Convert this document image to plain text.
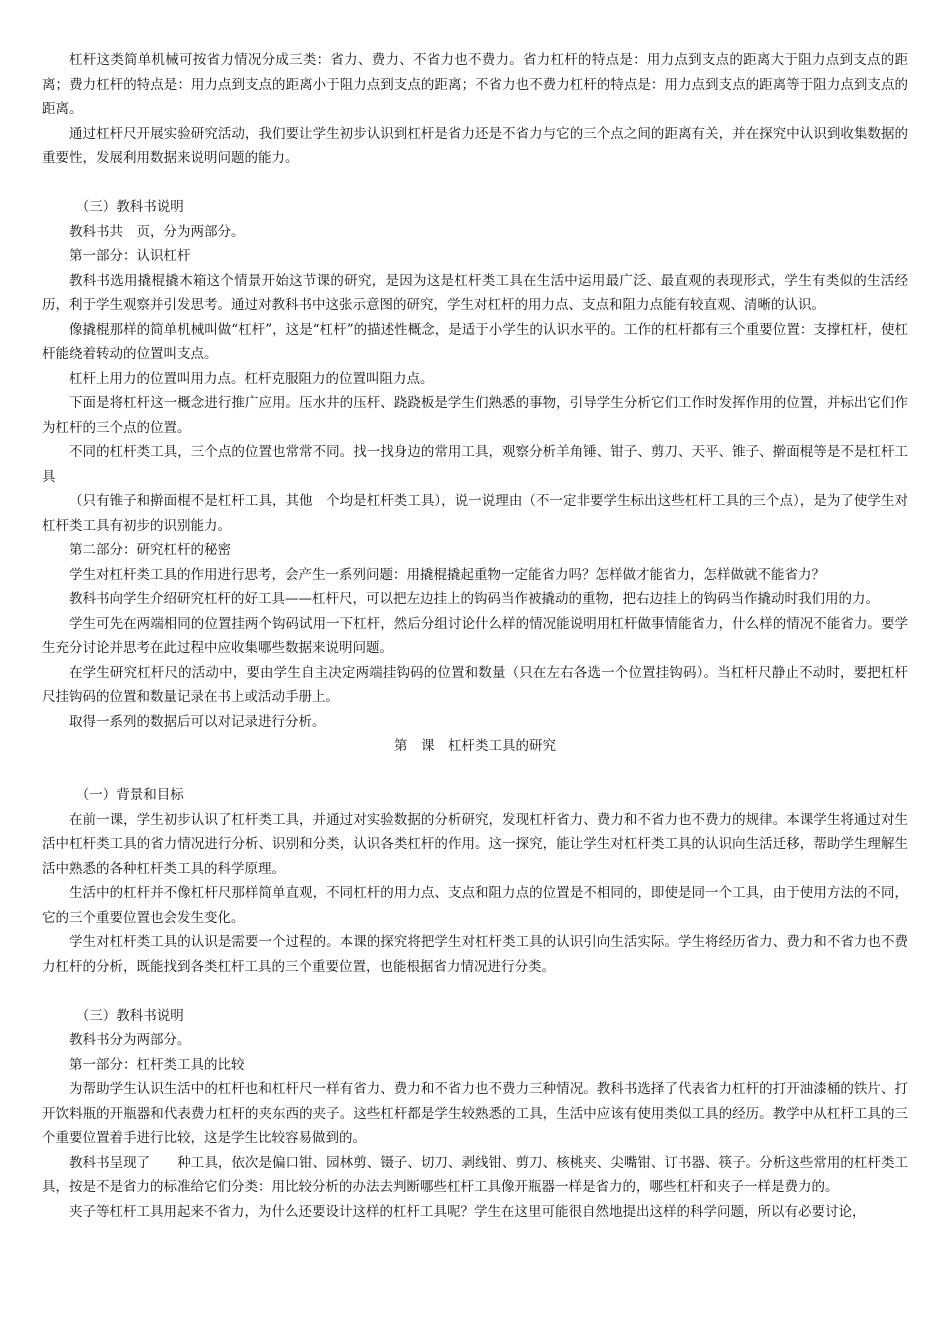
杠杆这类简单机械可按省力情况分成三类：省力、费力、不省力也不费力。省力杠杆的特点是：用力点到支点的距离大于阻力点到支点的距离；费力杠杆的特点是：用力点到支点的距离小于阻力点到支点的距离；不省力也不费力杠杆的特点是：用力点到支点的距离等于阻力点到支点的距离。

通过杠杆尺开展实验研究活动，我们要让学生初步认识到杠杆是省力还是不省力与它的三个点之间的距离有关，并在探究中认识到收集数据的重要性，发展利用数据来说明问题的能力。

（三）教科书说明

教科书共　页，分为两部分。

第一部分：认识杠杆

教科书选用撬棍撬木箱这个情景开始这节课的研究，是因为这是杠杆类工具在生活中运用最广泛、最直观的表现形式，学生有类似的生活经历，利于学生观察并引发思考。通过对教科书中这张示意图的研究，学生对杠杆的用力点、支点和阻力点能有较直观、清晰的认识。

像撬棍那样的简单机械叫做“杠杆”，这是“杠杆”的描述性概念，是适于小学生的认识水平的。工作的杠杆都有三个重要位置：支撑杠杆，使杠杆能绕着转动的位置叫支点。

杠杆上用力的位置叫用力点。杠杆克服阻力的位置叫阻力点。

下面是将杠杆这一概念进行推广应用。压水井的压杆、跷跷板是学生们熟悉的事物，引导学生分析它们工作时发挥作用的位置，并标出它们作为杠杆的三个点的位置。

不同的杠杆类工具，三个点的位置也常常不同。找一找身边的常用工具，观察分析羊角锤、钳子、剪刀、天平、锥子、擀面棍等是不是杠杆工具

（只有锥子和擀面棍不是杠杆工具，其他　个均是杠杆类工具），说一说理由（不一定非要学生标出这些杠杆工具的三个点），是为了使学生对杠杆类工具有初步的识别能力。

第二部分：研究杠杆的秘密

学生对杠杆类工具的作用进行思考，会产生一系列问题：用撬棍撬起重物一定能省力吗？怎样做才能省力，怎样做就不能省力？

教科书向学生介绍研究杠杆的好工具——杠杆尺，可以把左边挂上的钩码当作被撬动的重物，把右边挂上的钩码当作撬动时我们用的力。

学生可先在两端相同的位置挂两个钩码试用一下杠杆，然后分组讨论什么样的情况能说明用杠杆做事情能省力，什么样的情况不能省力。要学生充分讨论并思考在此过程中应收集哪些数据来说明问题。

在学生研究杠杆尺的活动中，要由学生自主决定两端挂钩码的位置和数量（只在左右各选一个位置挂钩码）。当杠杆尺静止不动时，要把杠杆尺挂钩码的位置和数量记录在书上或活动手册上。

取得一系列的数据后可以对记录进行分析。

第　课　杠杆类工具的研究

（一）背景和目标

在前一课，学生初步认识了杠杆类工具，并通过对实验数据的分析研究，发现杠杆省力、费力和不省力也不费力的规律。本课学生将通过对生活中杠杆类工具的省力情况进行分析、识别和分类，认识各类杠杆的作用。这一探究，能让学生对杠杆类工具的认识向生活迁移，帮助学生理解生活中熟悉的各种杠杆类工具的科学原理。

生活中的杠杆并不像杠杆尺那样简单直观，不同杠杆的用力点、支点和阻力点的位置是不相同的，即使是同一个工具，由于使用方法的不同，它的三个重要位置也会发生变化。

学生对杠杆类工具的认识是需要一个过程的。本课的探究将把学生对杠杆类工具的认识引向生活实际。学生将经历省力、费力和不省力也不费力杠杆的分析，既能找到各类杠杆工具的三个重要位置，也能根据省力情况进行分类。

（三）教科书说明

教科书分为两部分。

第一部分：杠杆类工具的比较

为帮助学生认识生活中的杠杆也和杠杆尺一样有省力、费力和不省力也不费力三种情况。教科书选择了代表省力杠杆的打开油漆桶的铁片、打开饮料瓶的开瓶器和代表费力杠杆的夹东西的夹子。这些杠杆都是学生较熟悉的工具，生活中应该有使用类似工具的经历。教学中从杠杆工具的三个重要位置着手进行比较，这是学生比较容易做到的。

教科书呈现了　　种工具，依次是偏口钳、园林剪、镊子、切刀、剥线钳、剪刀、核桃夹、尖嘴钳、订书器、筷子。分析这些常用的杠杆类工具，按是不是省力的标准给它们分类：用比较分析的办法去判断哪些杠杆工具像开瓶器一样是省力的，哪些杠杆和夹子一样是费力的。

夹子等杠杆工具用起来不省力，为什么还要设计这样的杠杆工具呢？学生在这里可能很自然地提出这样的科学问题，所以有必要讨论，
